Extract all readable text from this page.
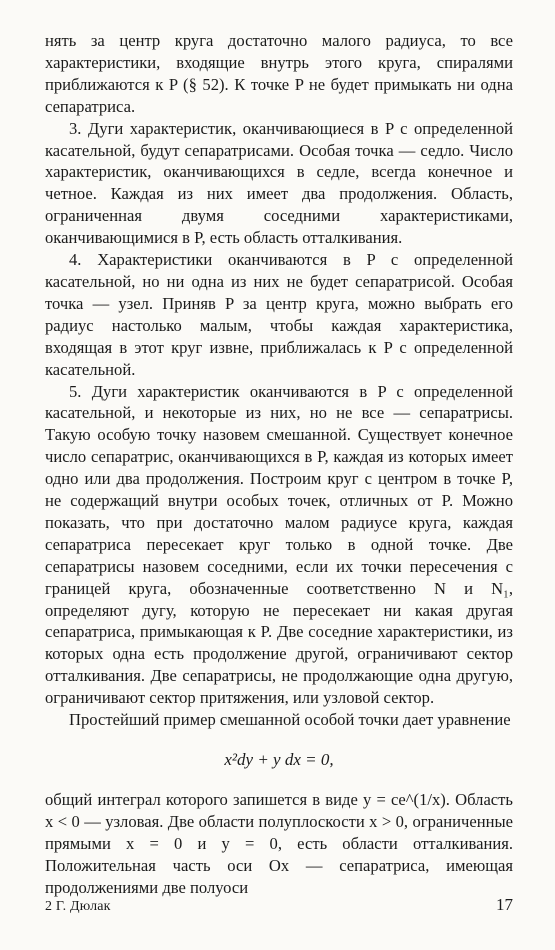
нять за центр круга достаточно малого радиуса, то все характеристики, входящие внутрь этого круга, спиралями приближаются к P (§ 52). К точке P не будет примыкать ни одна сепаратриса.

3. Дуги характеристик, оканчивающиеся в P с определенной касательной, будут сепаратрисами. Особая точка — седло. Число характеристик, оканчивающихся в седле, всегда конечное и четное. Каждая из них имеет два продолжения. Область, ограниченная двумя соседними характеристиками, оканчивающимися в P, есть область отталкивания.

4. Характеристики оканчиваются в P с определенной касательной, но ни одна из них не будет сепаратрисой. Особая точка — узел. Приняв P за центр круга, можно выбрать его радиус настолько малым, чтобы каждая характеристика, входящая в этот круг извне, приближалась к P с определенной касательной.

5. Дуги характеристик оканчиваются в P с определенной касательной, и некоторые из них, но не все — сепаратрисы. Такую особую точку назовем смешанной. Существует конечное число сепаратрис, оканчивающихся в P, каждая из которых имеет одно или два продолжения. Построим круг с центром в точке P, не содержащий внутри особых точек, отличных от P. Можно показать, что при достаточно малом радиусе круга, каждая сепаратриса пересекает круг только в одной точке. Две сепаратрисы назовем соседними, если их точки пересечения с границей круга, обозначенные соответственно N и N₁, определяют дугу, которую не пересекает ни какая другая сепаратриса, примыкающая к P. Две соседние характеристики, из которых одна есть продолжение другой, ограничивают сектор отталкивания. Две сепаратрисы, не продолжающие одна другую, ограничивают сектор притяжения, или узловой сектор.

Простейший пример смешанной особой точки дает уравнение

x²dy + y dx = 0,

общий интеграл которого запишется в виде y = ce^(1/x). Область x < 0 — узловая. Две области полуплоскости x > 0, ограниченные прямыми x = 0 и y = 0, есть области отталкивания. Положительная часть оси Ox — сепаратриса, имеющая продолжениями две полуоси

2 Г. Дюлак	17
